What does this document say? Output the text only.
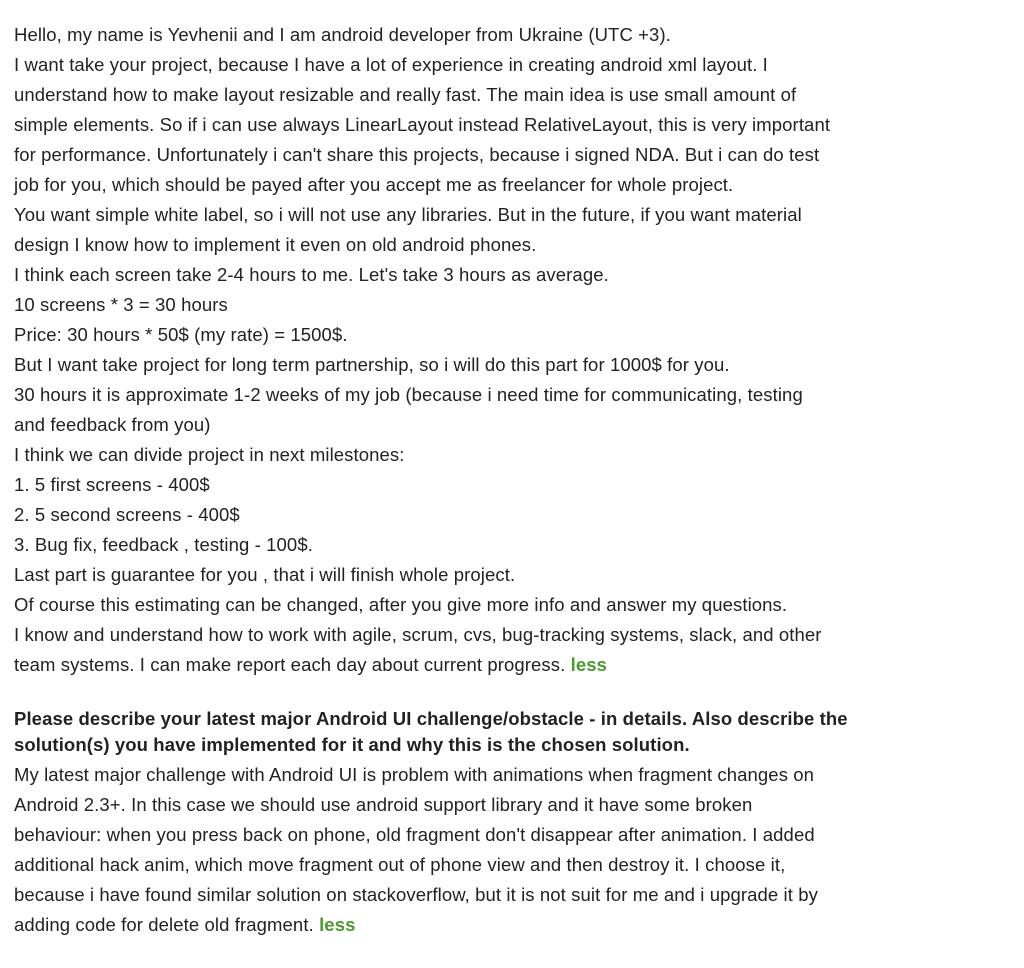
Hello, my name is Yevhenii and I am android developer from Ukraine (UTC +3).
I want take your project, because I have a lot of experience in creating android xml layout. I
understand how to make layout resizable and really fast. The main idea is use small amount of
simple elements. So if i can use always LinearLayout instead RelativeLayout, this is very important
for performance. Unfortunately i can't share this projects, because i signed NDA. But i can do test
job for you, which should be payed after you accept me as freelancer for whole project.
You want simple white label, so i will not use any libraries. But in the future, if you want material
design I know how to implement it even on old android phones.
I think each screen take 2-4 hours to me. Let's take 3 hours as average.
10 screens * 3 = 30 hours
Price: 30 hours * 50$ (my rate) = 1500$.
But I want take project for long term partnership, so i will do this part for 1000$ for you.
30 hours it is approximate 1-2 weeks of my job (because i need time for communicating, testing
and feedback from you)
I think we can divide project in next milestones:
1. 5 first screens - 400$
2. 5 second screens - 400$
3. Bug fix, feedback , testing - 100$.
Last part is guarantee for you , that i will finish whole project.
Of course this estimating can be changed, after you give more info and answer my questions.
I know and understand how to work with agile, scrum, cvs, bug-tracking systems, slack, and other
team systems. I can make report each day about current progress. less
Please describe your latest major Android UI challenge/obstacle - in details. Also describe the
solution(s) you have implemented for it and why this is the chosen solution.
My latest major challenge with Android UI is problem with animations when fragment changes on
Android 2.3+. In this case we should use android support library and it have some broken
behaviour: when you press back on phone, old fragment don't disappear after animation. I added
additional hack anim, which move fragment out of phone view and then destroy it. I choose it,
because i have found similar solution on stackoverflow, but it is not suit for me and i upgrade it by
adding code for delete old fragment. less
